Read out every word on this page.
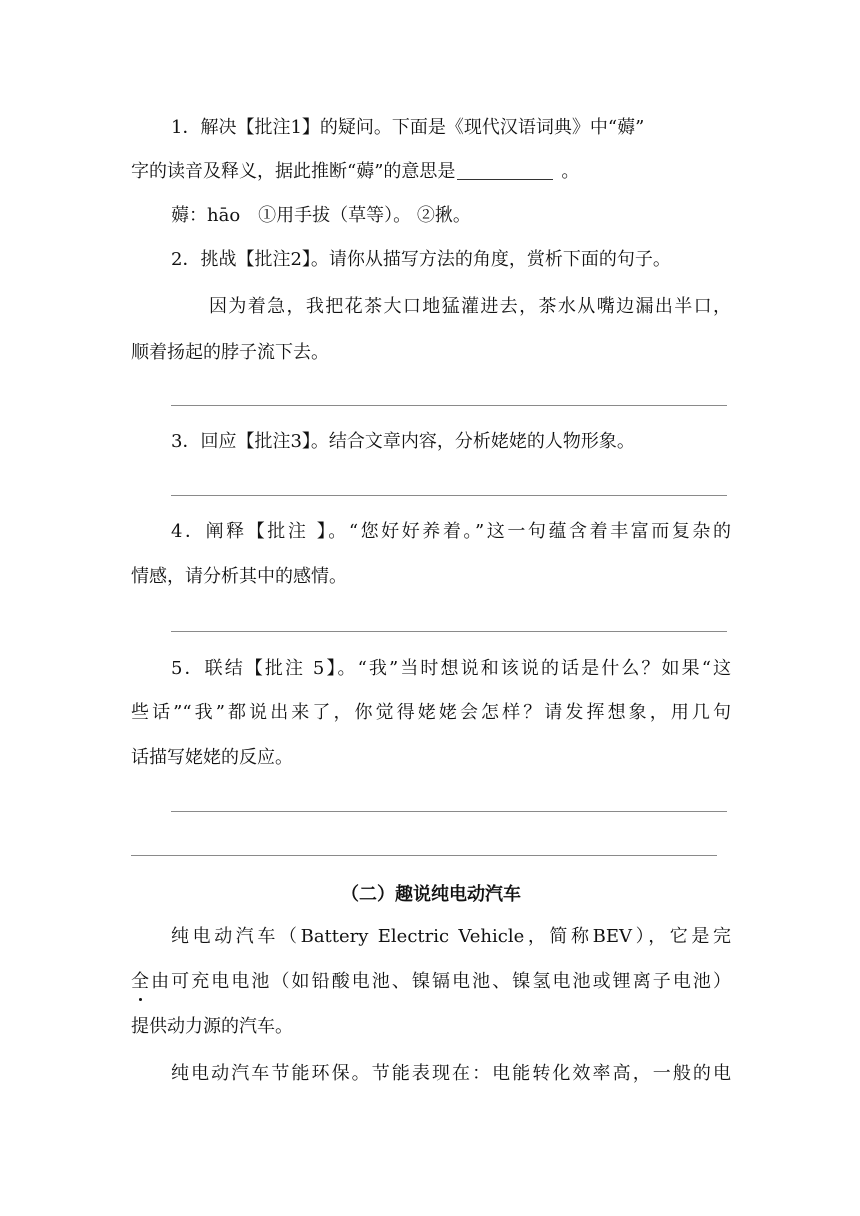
1．解决【批注1】的疑问。下面是《现代汉语词典》中“薅”
字的读音及释义，据此推断“薅”的意思是	。
薅：hāo　①用手拔（草等）。 ②揪。
2．挑战【批注2】。请你从描写方法的角度，赏析下面的句子。
因为着急，我把花茶大口地猛灌进去，茶水从嘴边漏出半口，
顺着扬起的脖子流下去。
3．回应【批注3】。结合文章内容，分析姥姥的人物形象。
4．阐释【批注 】。“您好好养着。”这一句蕴含着丰富而复杂的
情感，请分析其中的感情。
5．联结【批注 5】。“我”当时想说和该说的话是什么？如果“这
些话”“我”都说出来了，你觉得姥姥会怎样？请发挥想象，用几句
话描写姥姥的反应。
（二）趣说纯电动汽车
纯电动汽车（Battery Electric Vehicle，简称BEV），它是完
全由可充电电池（如铅酸电池、镍镉电池、镍氢电池或锂离子电池）
提供动力源的汽车。
纯电动汽车节能环保。节能表现在：电能转化效率高，一般的电
